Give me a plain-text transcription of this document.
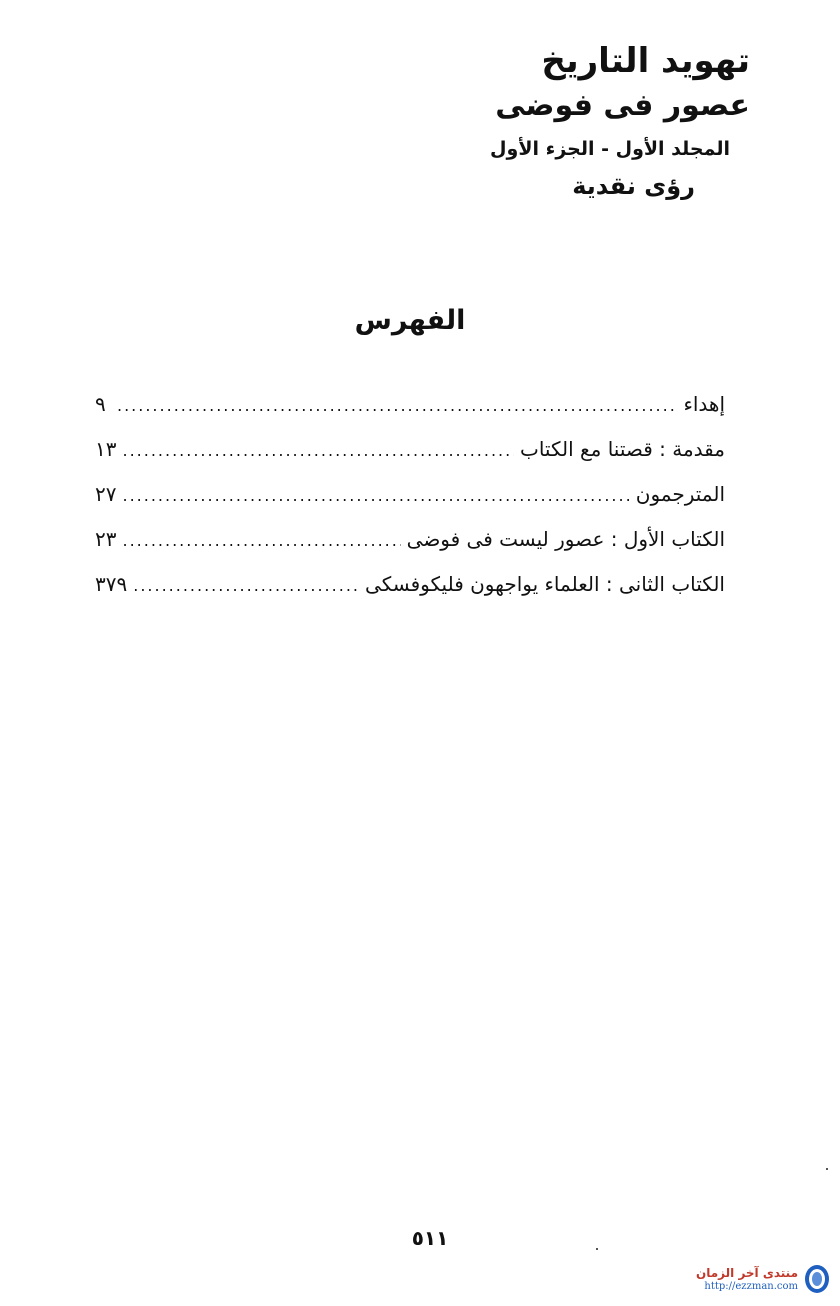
تهويد التاريخ

عصور فى فوضى

المجلد الأول - الجزء الأول

رؤى نقدية

الفهرس
إهداء
.....
٩
مقدمة : قصتنا مع الكتاب
.....
١٣
المترجمون
.....
٢٧
الكتاب الأول : عصور ليست فى فوضى
.....
٢٣
الكتاب الثانى : العلماء يواجهون فليكوفسكى
.....
٣٧٩
٥١١
منتدى آخر الزمان
http://ezzman.com
